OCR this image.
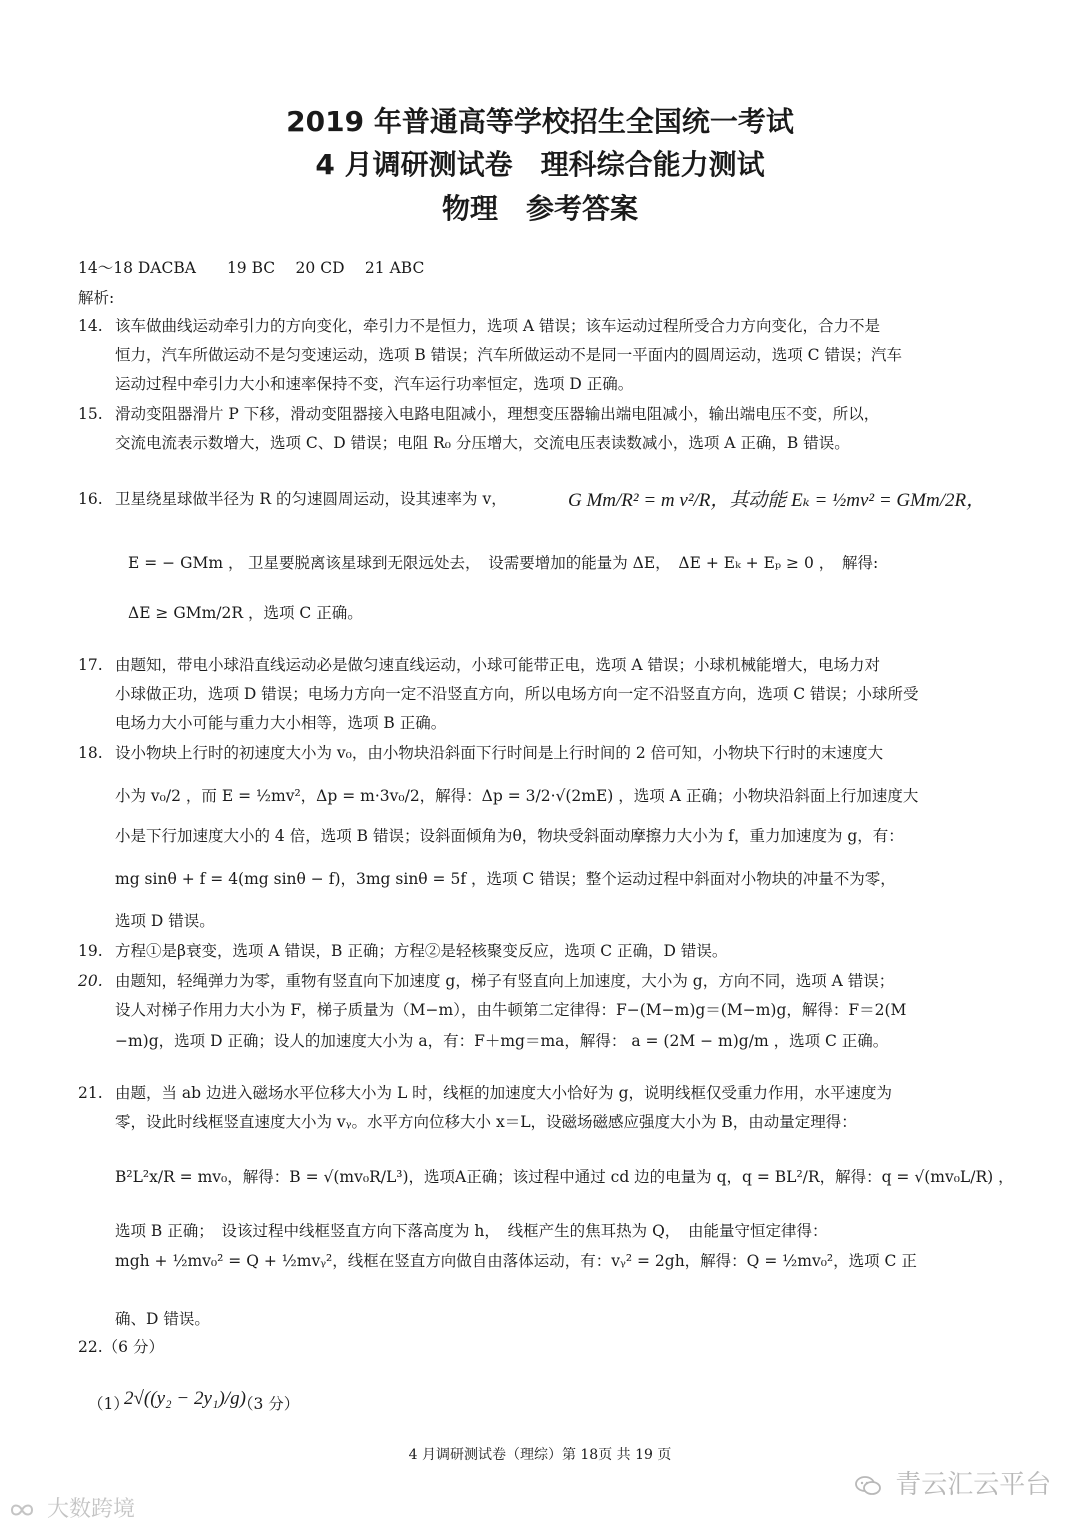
2019 年普通高等学校招生全国统一考试
4 月调研测试卷　理科综合能力测试
物理　参考答案
14～18 DACBA　　19 BC　 20 CD　 21 ABC
解析:
14. 该车做曲线运动牵引力的方向变化，牵引力不是恒力，选项 A 错误；该车运动过程所受合力方向变化，合力不是
恒力，汽车所做运动不是匀变速运动，选项 B 错误；汽车所做运动不是同一平面内的圆周运动，选项 C 错误；汽车
运动过程中牵引力大小和速率保持不变，汽车运行功率恒定，选项 D 正确。
15. 滑动变阻器滑片 P 下移，滑动变阻器接入电路电阻减小，理想变压器输出端电阻减小，输出端电压不变，所以，
交流电流表示数增大，选项 C、D 错误；电阻 R₀ 分压增大，交流电压表读数减小，选项 A 正确，B 错误。
16. 卫星绕星球做半径为 R 的匀速圆周运动，设其速率为 v，	G Mm/R² = m v²/R，其动能 Eₖ = ½mv² = GMm/2R，
E = − GMm ， 卫星要脱离该星球到无限远处去，　设需要增加的能量为 ΔE，　ΔE + Eₖ + Eₚ ≥ 0 ，　解得:
ΔE ≥ GMm/2R ，选项 C 正确。
17. 由题知，带电小球沿直线运动必是做匀速直线运动，小球可能带正电，选项 A 错误；小球机械能增大，电场力对
小球做正功，选项 D 错误；电场力方向一定不沿竖直方向，所以电场方向一定不沿竖直方向，选项 C 错误；小球所受
电场力大小可能与重力大小相等，选项 B 正确。
18. 设小物块上行时的初速度大小为 v₀，由小物块沿斜面下行时间是上行时间的 2 倍可知，小物块下行时的末速度大
小为 v₀/2 ，而 E = ½mv²，Δp = m·3v₀/2，解得：Δp = 3/2·√(2mE) ，选项 A 正确；小物块沿斜面上行加速度大
小是下行加速度大小的 4 倍，选项 B 错误；设斜面倾角为θ，物块受斜面动摩擦力大小为 f，重力加速度为 g，有：
mg sinθ + f = 4(mg sinθ − f)，3mg sinθ = 5f ，选项 C 错误；整个运动过程中斜面对小物块的冲量不为零，
选项 D 错误。
19. 方程①是β衰变，选项 A 错误，B 正确；方程②是轻核聚变反应，选项 C 正确，D 错误。
20. 由题知，轻绳弹力为零，重物有竖直向下加速度 g，梯子有竖直向上加速度，大小为 g，方向不同，选项 A 错误；
设人对梯子作用力大小为 F，梯子质量为（M−m），由牛顿第二定律得：F−(M−m)g＝(M−m)g，解得：F＝2(M
−m)g，选项 D 正确；设人的加速度大小为 a，有：F＋mg＝ma，解得： a = (2M − m)g/m ，选项 C 正确。
21. 由题，当 ab 边进入磁场水平位移大小为 L 时，线框的加速度大小恰好为 g，说明线框仅受重力作用，水平速度为
零，设此时线框竖直速度大小为 vᵧ。水平方向位移大小 x＝L，设磁场磁感应强度大小为 B，由动量定理得：
B²L²x/R = mv₀，解得：B = √(mv₀R/L³)，选项A正确；该过程中通过 cd 边的电量为 q，q = BL²/R，解得：q = √(mv₀L/R) ，
选项 B 正确；　设该过程中线框竖直方向下落高度为 h，　线框产生的焦耳热为 Q，　由能量守恒定律得：
mgh + ½mv₀² = Q + ½mvᵧ²，线框在竖直方向做自由落体运动，有：vᵧ² = 2gh，解得：Q = ½mv₀²，选项 C 正
确、D 错误。
22.（6 分）
（1）
2√((y₂ − 2y₁)/g)
（3 分）
4 月调研测试卷（理综）第 18页 共 19 页
青云汇云平台
大数跨境
